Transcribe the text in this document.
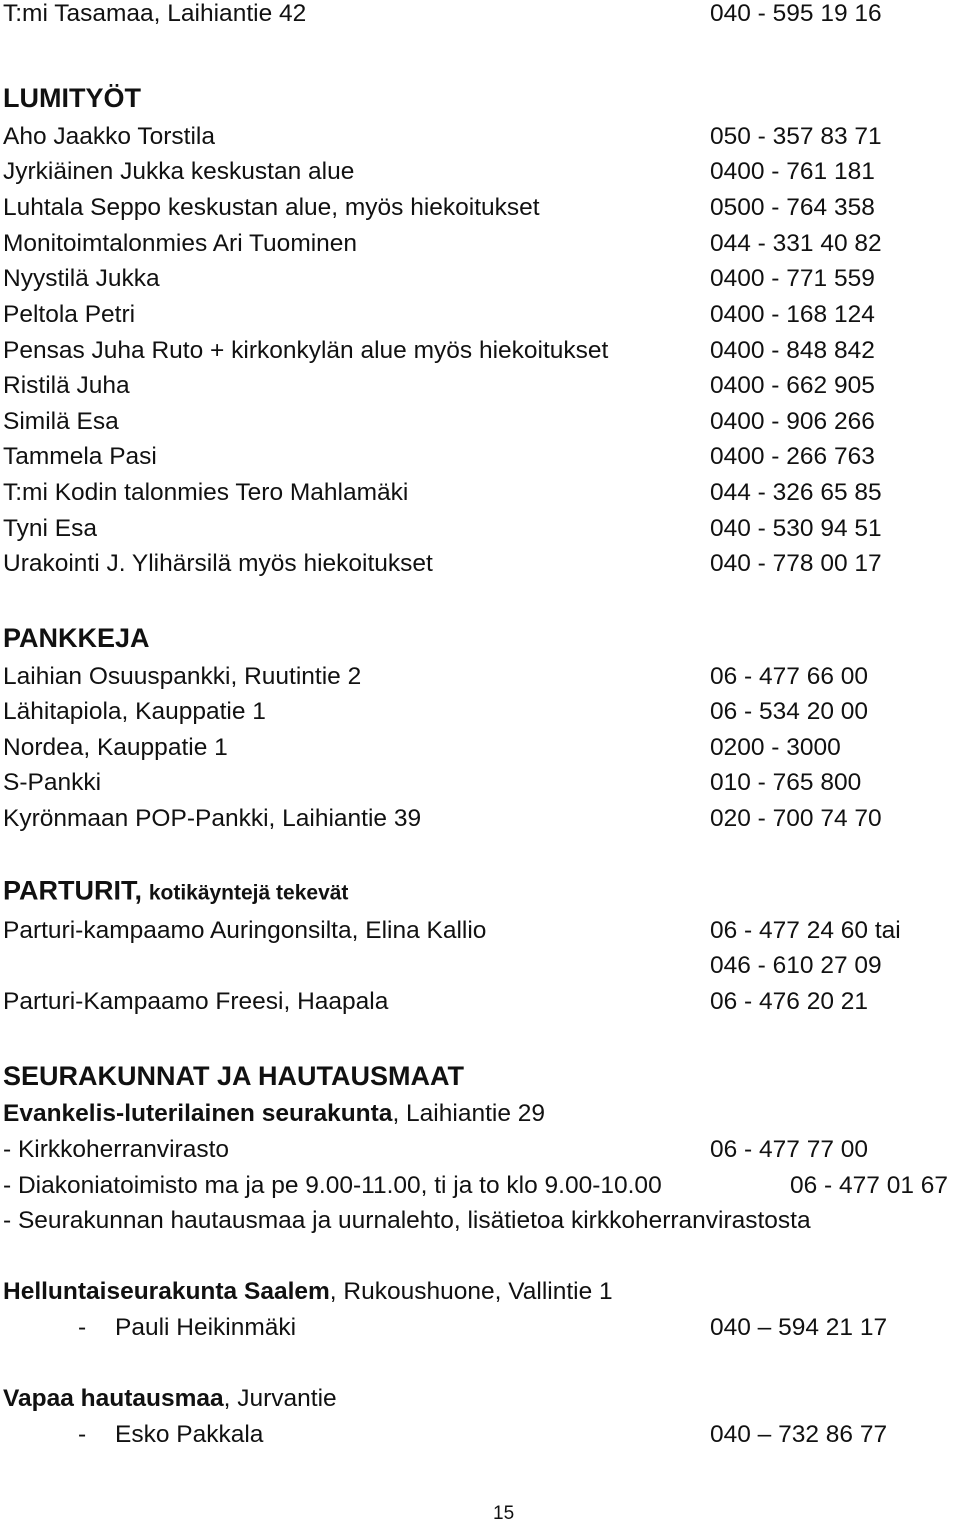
T:mi Tasamaa, Laihiantie 42	040 - 595 19 16
LUMITYÖT
Aho Jaakko Torstila	050 - 357 83 71
Jyrkiäinen Jukka keskustan alue	0400 - 761 181
Luhtala Seppo keskustan alue, myös hiekoitukset	0500 - 764 358
Monitoimtalonmies Ari Tuominen	044 - 331 40 82
Nyystilä Jukka	0400 - 771 559
Peltola Petri	0400 - 168 124
Pensas Juha Ruto + kirkonkylän alue myös hiekoitukset	0400 - 848 842
Ristilä Juha	0400 - 662 905
Similä Esa	0400 - 906 266
Tammela Pasi	0400 - 266 763
T:mi Kodin talonmies Tero Mahlamäki	044 - 326 65 85
Tyni Esa	040 - 530 94 51
Urakointi J. Ylihärsilä myös hiekoitukset	040 - 778 00 17
PANKKEJA
Laihian Osuuspankki, Ruutintie 2	06 - 477 66 00
Lähitapiola, Kauppatie 1	06 - 534 20 00
Nordea, Kauppatie 1	0200 - 3000
S-Pankki	010 - 765 800
Kyrönmaan POP-Pankki, Laihiantie 39	020 - 700 74 70
PARTURIT, kotikäyntejä tekevät
Parturi-kampaamo Auringonsilta, Elina Kallio	06 - 477 24 60 tai
046 - 610 27 09
Parturi-Kampaamo Freesi, Haapala	06 - 476 20 21
SEURAKUNNAT JA HAUTAUSMAAT
Evankelis-luterilainen seurakunta, Laihiantie 29
- Kirkkoherranvirasto	06 - 477 77 00
- Diakoniatoimisto ma ja pe 9.00-11.00, ti ja to klo 9.00-10.00	06 - 477 01 67
- Seurakunnan hautausmaa ja uurnalehto, lisätietoa kirkkoherranvirastosta
Helluntaiseurakunta Saalem, Rukoushuone, Vallintie 1
- Pauli Heikinmäki	040 – 594 21 17
Vapaa hautausmaa, Jurvantie
- Esko Pakkala	040 – 732 86 77
15
